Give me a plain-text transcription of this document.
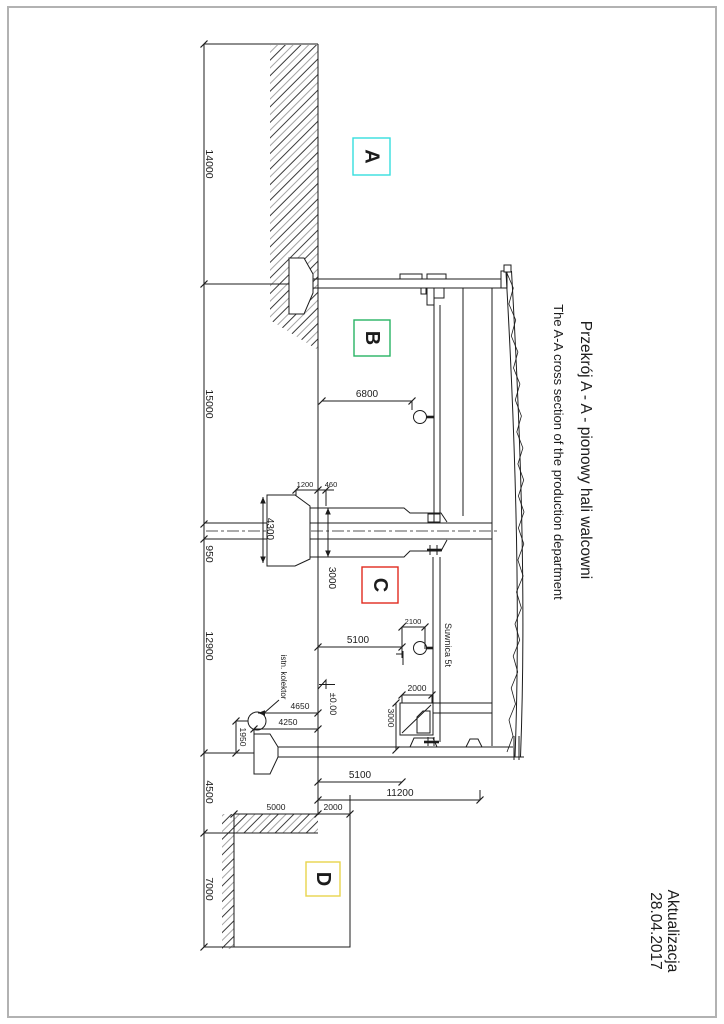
A
B
C
D
14000
15000
950
12900
4500
7000
6800
4300
3000
1200 460
5100
2100
2000
3000
4650
4250
1950
5100
11200
5000	2000
±0.00
Suwnica 5t
istn. kolektor
Przekrój A - A - pionowy hali walcowni
The A-A cross section of the production department
Aktualizacja
28.04.2017
